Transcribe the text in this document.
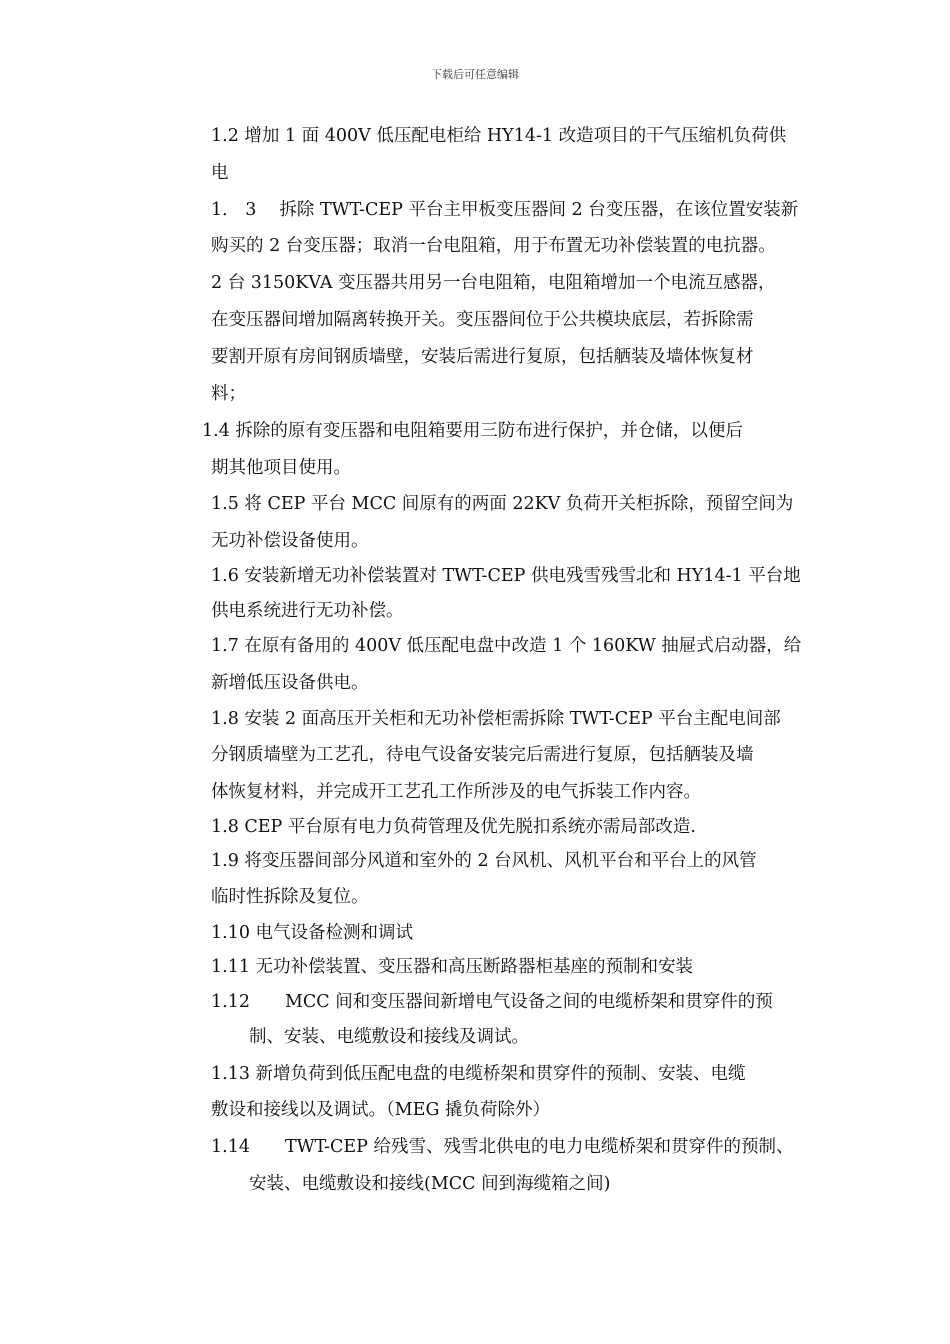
下载后可任意编辑
1.2 增加 1 面 400V 低压配电柜给 HY14-1 改造项目的干气压缩机负荷供
电
1． 3　 拆除 TWT-CEP 平台主甲板变压器间 2 台变压器，在该位置安装新
购买的 2 台变压器；取消一台电阻箱，用于布置无功补偿装置的电抗器。
2 台 3150KVA 变压器共用另一台电阻箱，电阻箱增加一个电流互感器，
在变压器间增加隔离转换开关。变压器间位于公共模块底层，若拆除需
要割开原有房间钢质墙壁，安装后需进行复原，包括舾装及墙体恢复材
料；
1.4 拆除的原有变压器和电阻箱要用三防布进行保护，并仓储，以便后
期其他项目使用。
1.5 将 CEP 平台 MCC 间原有的两面 22KV 负荷开关柜拆除，预留空间为
无功补偿设备使用。
1.6 安装新增无功补偿装置对 TWT-CEP 供电残雪残雪北和 HY14-1 平台地
供电系统进行无功补偿。
1.7 在原有备用的 400V 低压配电盘中改造 1 个 160KW 抽屉式启动器，给
新增低压设备供电。
1.8 安装 2 面高压开关柜和无功补偿柜需拆除 TWT-CEP 平台主配电间部
分钢质墙壁为工艺孔，待电气设备安装完后需进行复原，包括舾装及墙
体恢复材料，并完成开工艺孔工作所涉及的电气拆装工作内容。
1.8 CEP 平台原有电力负荷管理及优先脱扣系统亦需局部改造.
1.9 将变压器间部分风道和室外的 2 台风机、风机平台和平台上的风管
临时性拆除及复位。
1.10 电气设备检测和调试
1.11 无功补偿装置、变压器和高压断路器柜基座的预制和安装
1.12　　MCC 间和变压器间新增电气设备之间的电缆桥架和贯穿件的预
制、安装、电缆敷设和接线及调试。
1.13 新增负荷到低压配电盘的电缆桥架和贯穿件的预制、安装、电缆
敷设和接线以及调试。（MEG 撬负荷除外）
1.14　　TWT-CEP 给残雪、残雪北供电的电力电缆桥架和贯穿件的预制、
安装、电缆敷设和接线(MCC 间到海缆箱之间)
